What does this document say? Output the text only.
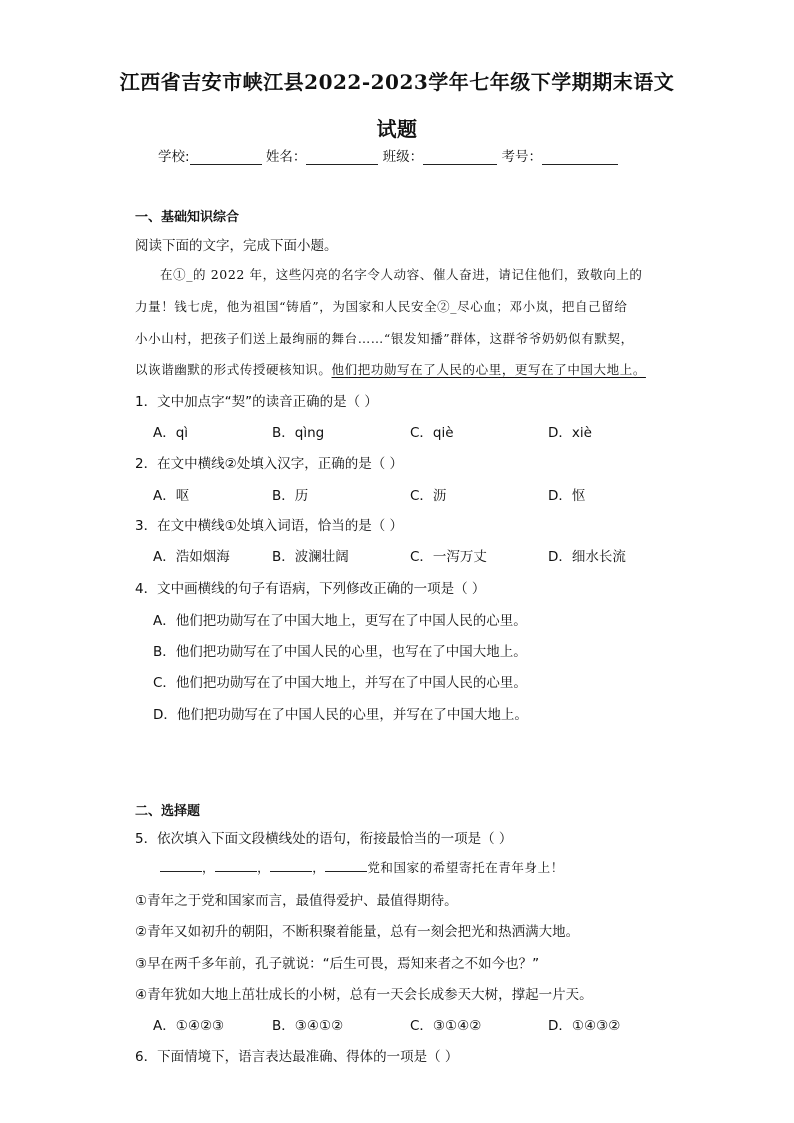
江西省吉安市峡江县2022-2023学年七年级下学期期末语文
试题
学校:	姓名：	班级：	考号：
一、基础知识综合
阅读下面的文字，完成下面小题。
在①_的 2022 年，这些闪亮的名字令人动容、催人奋进，请记住他们，致敬向上的
力量！钱七虎，他为祖国“铸盾”，为国家和人民安全②_尽心血；邓小岚，把自己留给
小小山村，把孩子们送上最绚丽的舞台……“银发知播”群体，这群爷爷奶奶似有默契，
以诙谐幽默的形式传授硬核知识。他们把功勋写在了人民的心里，更写在了中国大地上。
1．文中加点字“契”的读音正确的是（ ）
A．qì	B．qìng	C．qiè	D．xiè
2．在文中横线②处填入汉字，正确的是（ ）
A．呕	B．历	C．沥	D．怄
3．在文中横线①处填入词语，恰当的是（ ）
A．浩如烟海	B．波澜壮阔	C．一泻万丈	D．细水长流
4．文中画横线的句子有语病，下列修改正确的一项是（ ）
A．他们把功勋写在了中国大地上，更写在了中国人民的心里。
B．他们把功勋写在了中国人民的心里，也写在了中国大地上。
C．他们把功勋写在了中国大地上，并写在了中国人民的心里。
D．他们把功勋写在了中国人民的心里，并写在了中国大地上。
二、选择题
5．依次填入下面文段横线处的语句，衔接最恰当的一项是（ ）
，	，	，	党和国家的希望寄托在青年身上！
①青年之于党和国家而言，最值得爱护、最值得期待。
②青年又如初升的朝阳，不断积聚着能量，总有一刻会把光和热洒满大地。
③早在两千多年前，孔子就说：“后生可畏，焉知来者之不如今也？”
④青年犹如大地上茁壮成长的小树，总有一天会长成参天大树，撑起一片天。
A．①④②③	B．③④①②	C．③①④②	D．①④③②
6．下面情境下，语言表达最准确、得体的一项是（ ）
